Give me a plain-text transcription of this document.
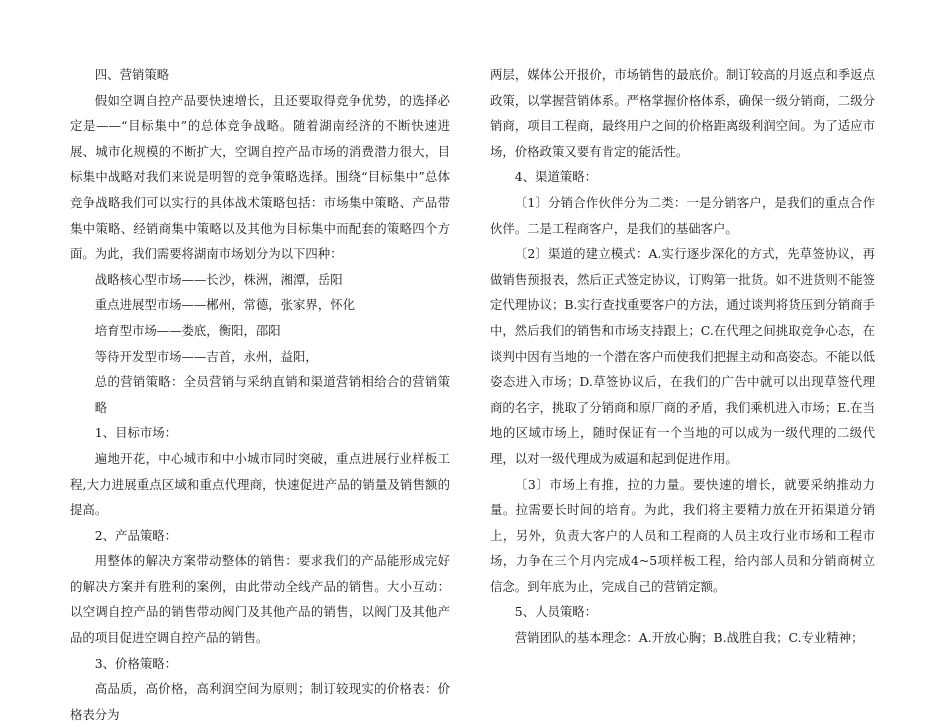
四、营销策略

假如空调自控产品要快速增长，且还要取得竞争优势，的选择必定是——“目标集中”的总体竞争战略。随着湖南经济的不断快速进展、城市化规模的不断扩大，空调自控产品市场的消费潜力很大，目标集中战略对我们来说是明智的竞争策略选择。围绕“目标集中”总体竞争战略我们可以实行的具体战术策略包括：市场集中策略、产品带集中策略、经销商集中策略以及其他为目标集中而配套的策略四个方面。为此，我们需要将湖南市场划分为以下四种：

战略核心型市场——长沙，株洲，湘潭，岳阳

重点进展型市场——郴州，常德，张家界，怀化

培育型市场——娄底，衡阳，邵阳

等待开发型市场——吉首，永州，益阳，

总的营销策略：全员营销与采纳直销和渠道营销相给合的营销策略

1、目标市场：

遍地开花，中心城市和中小城市同时突破，重点进展行业样板工程,大力进展重点区域和重点代理商，快速促进产品的销量及销售额的提高。

2、产品策略：

用整体的解决方案带动整体的销售：要求我们的产品能形成完好的解决方案并有胜利的案例，由此带动全线产品的销售。大小互动：以空调自控产品的销售带动阀门及其他产品的销售，以阀门及其他产品的项目促进空调自控产品的销售。

3、价格策略：

高品质，高价格，高利润空间为原则；制订较现实的价格表：价格表分为

两层，媒体公开报价，市场销售的最底价。制订较高的月返点和季返点政策，以掌握营销体系。严格掌握价格体系，确保一级分销商，二级分销商，项目工程商，最终用户之间的价格距离级利润空间。为了适应市场，价格政策又要有肯定的能活性。

4、渠道策略：

〔1〕分销合作伙伴分为二类：一是分销客户，是我们的重点合作伙伴。二是工程商客户，是我们的基础客户。

〔2〕渠道的建立模式：A.实行逐步深化的方式，先草签协议，再做销售预报表，然后正式签定协议，订购第一批货。如不进货则不能签定代理协议；B.实行查找重要客户的方法，通过谈判将货压到分销商手中，然后我们的销售和市场支持跟上；C.在代理之间挑取竞争心态，在谈判中因有当地的一个潜在客户而使我们把握主动和高姿态。不能以低姿态进入市场；D.草签协议后，在我们的广告中就可以出现草签代理商的名字，挑取了分销商和原厂商的矛盾，我们乘机进入市场；E.在当地的区域市场上，随时保证有一个当地的可以成为一级代理的二级代理，以对一级代理成为威逼和起到促进作用。

〔3〕市场上有推，拉的力量。要快速的增长，就要采纳推动力量。拉需要长时间的培育。为此，我们将主要精力放在开拓渠道分销上，另外，负责大客户的人员和工程商的人员主攻行业市场和工程市场，力争在三个月内完成4~5项样板工程，给内部人员和分销商树立信念。到年底为止，完成自己的营销定额。

5、人员策略：

营销团队的基本理念：A.开放心胸；B.战胜自我；C.专业精神；
